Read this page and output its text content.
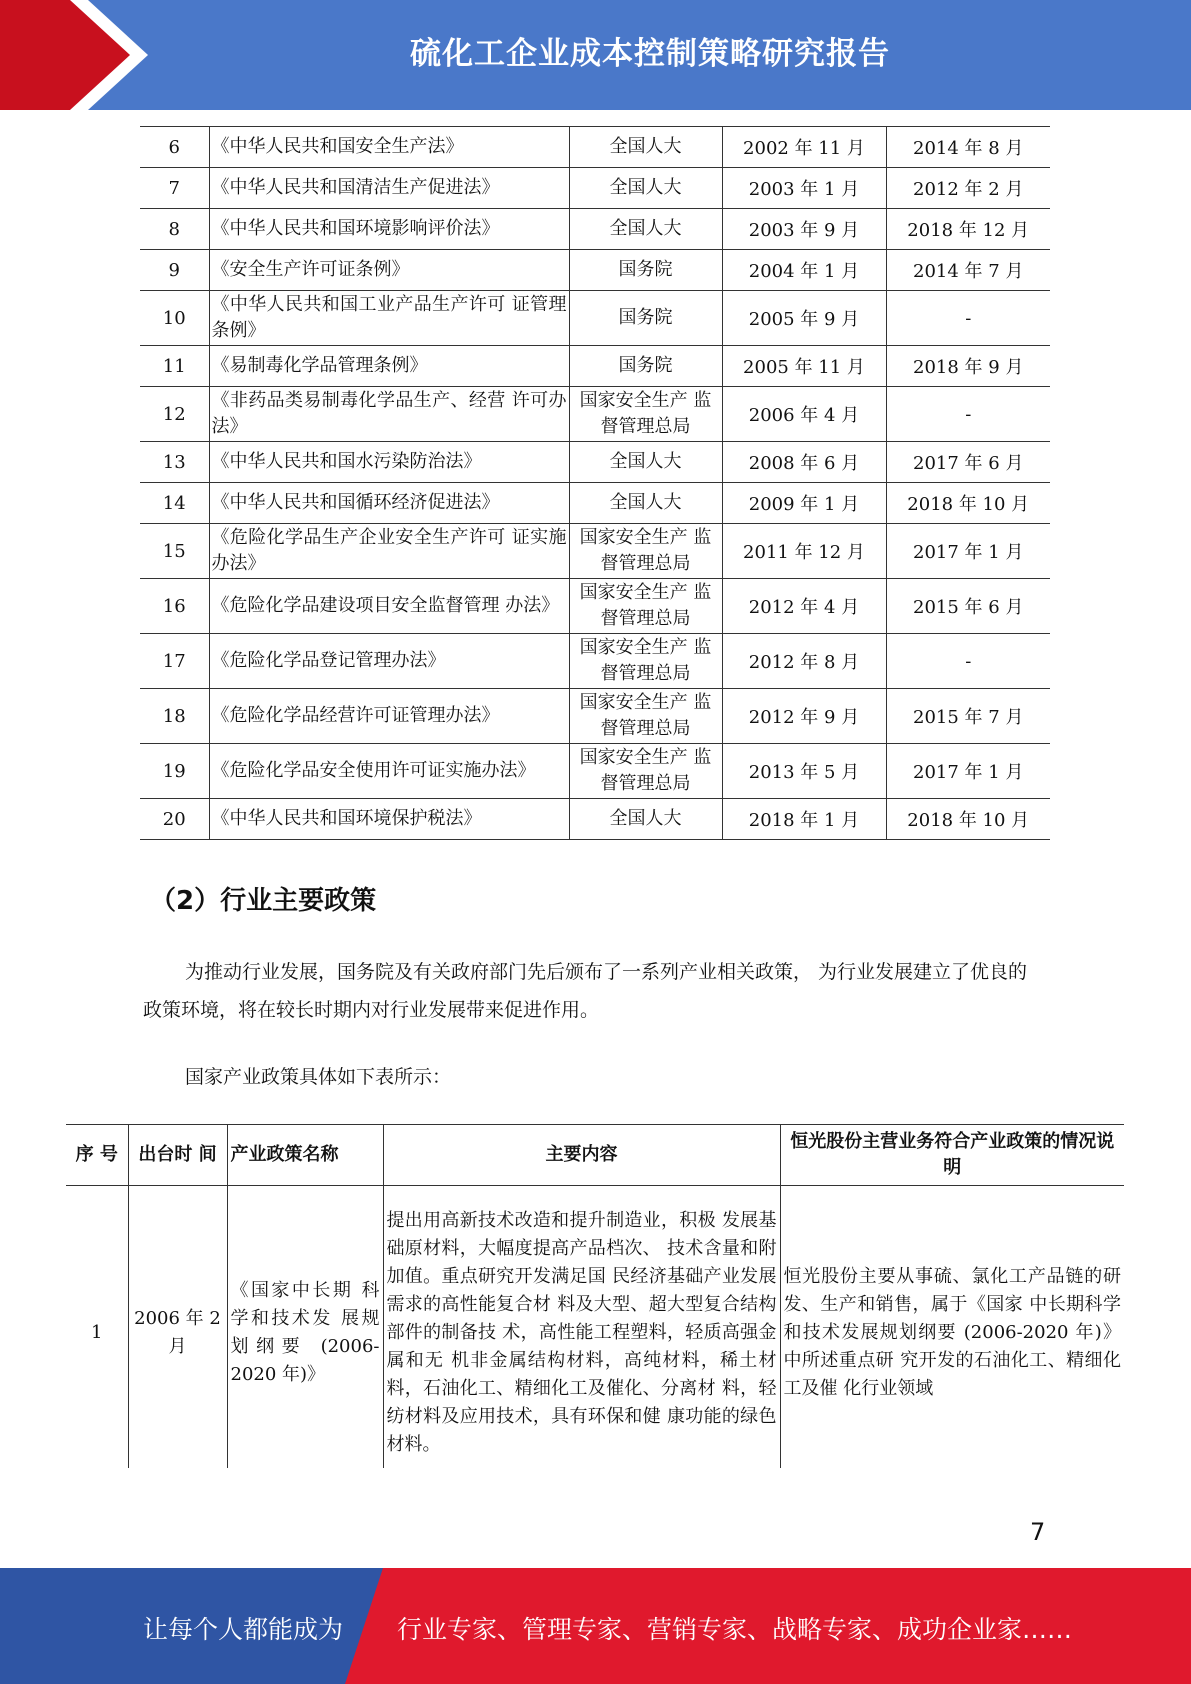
硫化工企业成本控制策略研究报告
6	《中华人民共和国安全生产法》	全国人大	2002 年 11 月	2014 年 8 月
7	《中华人民共和国清洁生产促进法》	全国人大	2003 年 1 月	2012 年 2 月
8	《中华人民共和国环境影响评价法》	全国人大	2003 年 9 月	2018 年 12 月
9	《安全生产许可证条例》	国务院	2004 年 1 月	2014 年 7 月
10	《中华人民共和国工业产品生产许可 证管理条例》	国务院	2005 年 9 月	-
11	《易制毒化学品管理条例》	国务院	2005 年 11 月	2018 年 9 月
12	《非药品类易制毒化学品生产、经营 许可办法》	国家安全生产 监督管理总局	2006 年 4 月	-
13	《中华人民共和国水污染防治法》	全国人大	2008 年 6 月	2017 年 6 月
14	《中华人民共和国循环经济促进法》	全国人大	2009 年 1 月	2018 年 10 月
15	《危险化学品生产企业安全生产许可 证实施办法》	国家安全生产 监督管理总局	2011 年 12 月	2017 年 1 月
16	《危险化学品建设项目安全监督管理 办法》	国家安全生产 监督管理总局	2012 年 4 月	2015 年 6 月
17	《危险化学品登记管理办法》	国家安全生产 监督管理总局	2012 年 8 月	-
18	《危险化学品经营许可证管理办法》	国家安全生产 监督管理总局	2012 年 9 月	2015 年 7 月
19	《危险化学品安全使用许可证实施办法》	国家安全生产 监督管理总局	2013 年 5 月	2017 年 1 月
20	《中华人民共和国环境保护税法》	全国人大	2018 年 1 月	2018 年 10 月
（2）行业主要政策
为推动行业发展，国务院及有关政府部门先后颁布了一系列产业相关政策， 为行业发展建立了优良的政策环境，将在较长时期内对行业发展带来促进作用。
国家产业政策具体如下表所示：
序 号	出台时 间	产业政策名称	主要内容	恒光股份主营业务符合产业政策的情况说明

1	2006 年 2 月	《国家中长期 科学和技术发 展规划纲要 (2006-2020 年)》	提出用高新技术改造和提升制造业，积极 发展基础原材料，大幅度提高产品档次、 技术含量和附加值。重点研究开发满足国 民经济基础产业发展需求的高性能复合材 料及大型、超大型复合结构部件的制备技 术，高性能工程塑料，轻质高强金属和无 机非金属结构材料，高纯材料，稀土材 料，石油化工、精细化工及催化、分离材 料，轻纺材料及应用技术，具有环保和健 康功能的绿色材料。	恒光股份主要从事硫、氯化工产品链的研发、生产和销售，属于《国家 中长期科学和技术发展规划纲要 (2006-2020 年)》中所述重点研 究开发的石油化工、精细化工及催 化行业领域
7
让每个人都能成为 行业专家、管理专家、营销专家、战略专家、成功企业家……
